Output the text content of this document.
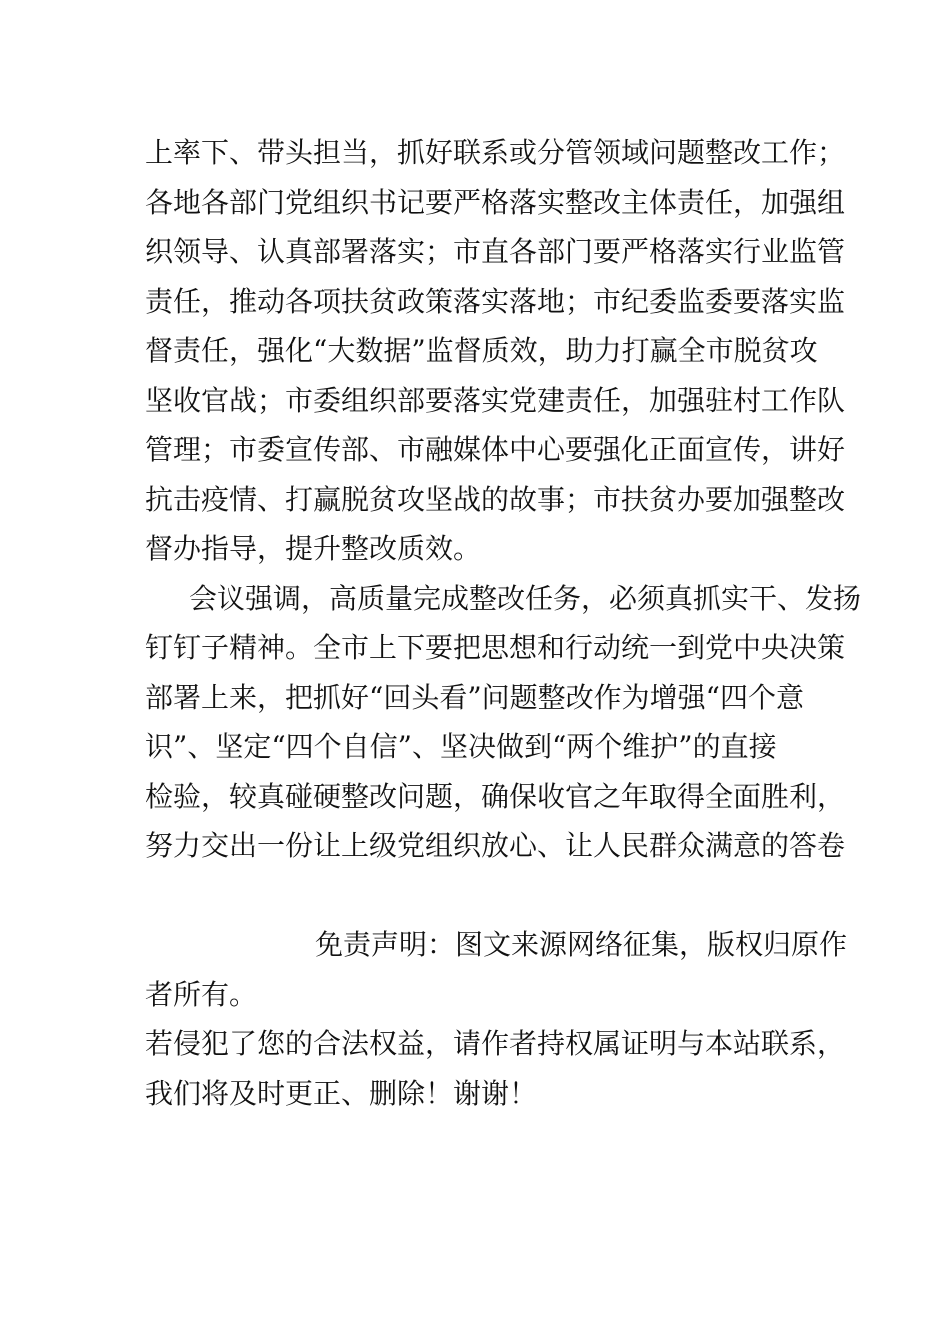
上率下、带头担当，抓好联系或分管领域问题整改工作；
各地各部门党组织书记要严格落实整改主体责任，加强组
织领导、认真部署落实；市直各部门要严格落实行业监管
责任，推动各项扶贫政策落实落地；市纪委监委要落实监
督责任，强化“大数据”监督质效，助力打赢全市脱贫攻
坚收官战；市委组织部要落实党建责任，加强驻村工作队
管理；市委宣传部、市融媒体中心要强化正面宣传，讲好
抗击疫情、打赢脱贫攻坚战的故事；市扶贫办要加强整改
督办指导，提升整改质效。
会议强调，高质量完成整改任务，必须真抓实干、发扬
钉钉子精神。全市上下要把思想和行动统一到党中央决策
部署上来，把抓好“回头看”问题整改作为增强“四个意
识”、坚定“四个自信”、坚决做到“两个维护”的直接
检验，较真碰硬整改问题，确保收官之年取得全面胜利，
努力交出一份让上级党组织放心、让人民群众满意的答卷
免责声明：图文来源网络征集，版权归原作
者所有。
若侵犯了您的合法权益，请作者持权属证明与本站联系，
我们将及时更正、删除！谢谢！
